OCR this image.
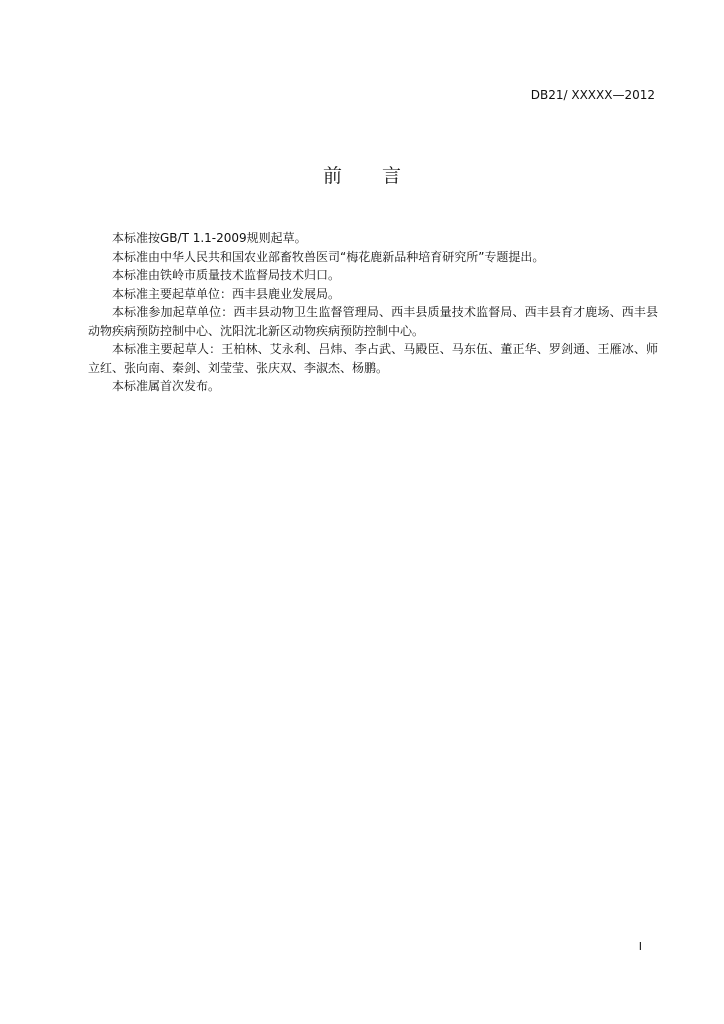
DB21/ XXXXX—2012
前 言

本标准按GB/T 1.1-2009规则起草。

本标准由中华人民共和国农业部畜牧兽医司“梅花鹿新品种培育研究所”专题提出。

本标准由铁岭市质量技术监督局技术归口。

本标准主要起草单位：西丰县鹿业发展局。

本标准参加起草单位：西丰县动物卫生监督管理局、西丰县质量技术监督局、西丰县育才鹿场、西丰县动物疾病预防控制中心、沈阳沈北新区动物疾病预防控制中心。

本标准主要起草人：王柏林、艾永利、吕炜、李占武、马殿臣、马东伍、董正华、罗剑通、王雁冰、师立红、张向南、秦剑、刘莹莹、张庆双、李淑杰、杨鹏。

本标准属首次发布。

I
